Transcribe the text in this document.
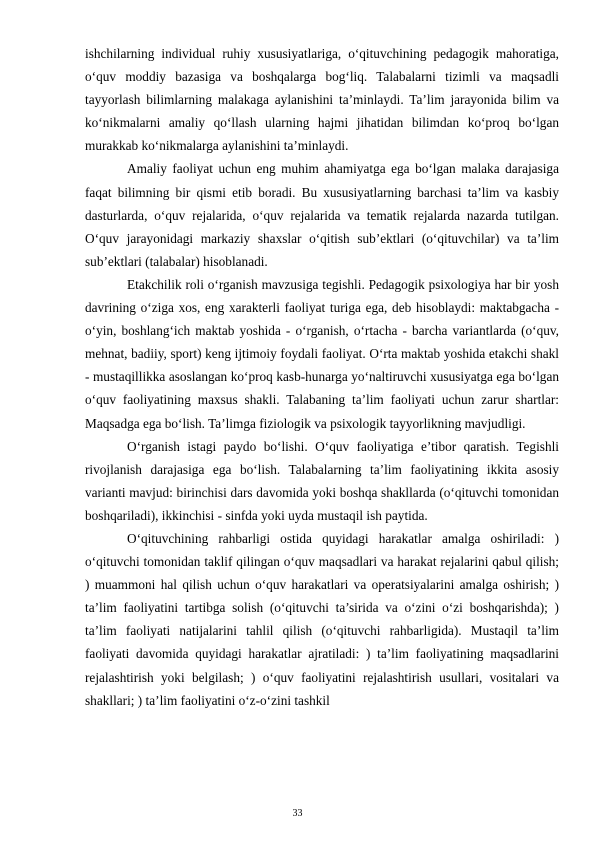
ishchilarning individual ruhiy xususiyatlariga, o‘qituvchining pedagogik mahoratiga, o‘quv moddiy bazasiga va boshqalarga bog‘liq. Talabalarni tizimli va maqsadli tayyorlash bilimlarning malakaga aylanishini ta’minlaydi. Ta’lim jarayonida bilim va ko‘nikmalarni amaliy qo‘llash ularning hajmi jihatidan bilimdan ko‘proq bo‘lgan murakkab ko‘nikmalarga aylanishini ta’minlaydi.

Amaliy faoliyat uchun eng muhim ahamiyatga ega bo‘lgan malaka darajasiga faqat bilimning bir qismi etib boradi. Bu xususiyatlarning barchasi ta’lim va kasbiy dasturlarda, o‘quv rejalarida, o‘quv rejalarida va tematik rejalarda nazarda tutilgan. O‘quv jarayonidagi markaziy shaxslar o‘qitish sub’ektlari (o‘qituvchilar) va ta’lim sub’ektlari (talabalar) hisoblanadi.

Etakchilik roli o‘rganish mavzusiga tegishli. Pedagogik psixologiya har bir yosh davrining o‘ziga xos, eng xarakterli faoliyat turiga ega, deb hisoblaydi: maktabgacha - o‘yin, boshlang‘ich maktab yoshida - o‘rganish, o‘rtacha - barcha variantlarda (o‘quv, mehnat, badiiy, sport) keng ijtimoiy foydali faoliyat. O‘rta maktab yoshida etakchi shakl - mustaqillikka asoslangan ko‘proq kasb-hunarga yo‘naltiruvchi xususiyatga ega bo‘lgan o‘quv faoliyatining maxsus shakli. Talabaning ta’lim faoliyati uchun zarur shartlar: Maqsadga ega bo‘lish. Ta’limga fiziologik va psixologik tayyorlikning mavjudligi.

O‘rganish istagi paydo bo‘lishi. O‘quv faoliyatiga e’tibor qaratish. Tegishli rivojlanish darajasiga ega bo‘lish. Talabalarning ta’lim faoliyatining ikkita asosiy varianti mavjud: birinchisi dars davomida yoki boshqa shakllarda (o‘qituvchi tomonidan boshqariladi), ikkinchisi - sinfda yoki uyda mustaqil ish paytida.

O‘qituvchining rahbarligi ostida quyidagi harakatlar amalga oshiriladi: ) o‘qituvchi tomonidan taklif qilingan o‘quv maqsadlari va harakat rejalarini qabul qilish; ) muammoni hal qilish uchun o‘quv harakatlari va operatsiyalarini amalga oshirish; ) ta’lim faoliyatini tartibga solish (o‘qituvchi ta’sirida va o‘zini o‘zi boshqarishda); ) ta’lim faoliyati natijalarini tahlil qilish (o‘qituvchi rahbarligida). Mustaqil ta’lim faoliyati davomida quyidagi harakatlar ajratiladi: ) ta’lim faoliyatining maqsadlarini rejalashtirish yoki belgilash; ) o‘quv faoliyatini rejalashtirish usullari, vositalari va shakllari; ) ta’lim faoliyatini o‘z-o‘zini tashkil

33
